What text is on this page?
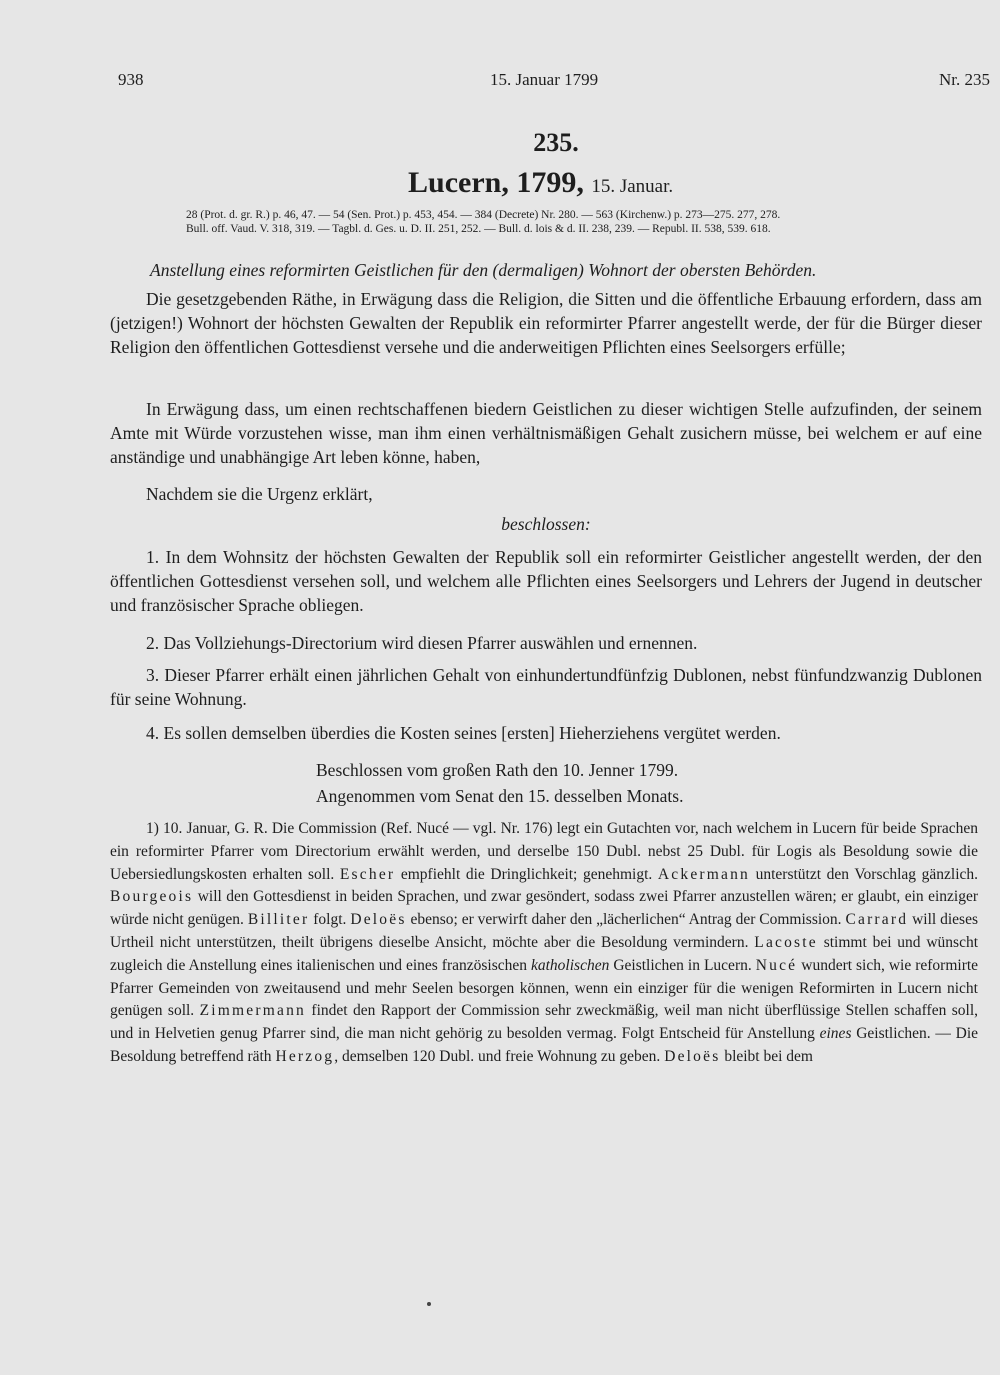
938	15. Januar 1799	Nr. 235
235.
Lucern, 1799, 15. Januar.

28 (Prot. d. gr. R.) p. 46, 47. — 54 (Sen. Prot.) p. 453, 454. — 384 (Decrete) Nr. 280. — 563 (Kirchenw.) p. 273—275. 277, 278.

Bull. off. Vaud. V. 318, 319. — Tagbl. d. Ges. u. D. II. 251, 252. — Bull. d. lois & d. II. 238, 239. — Republ. II. 538, 539. 618.

Anstellung eines reformirten Geistlichen für den (dermaligen) Wohnort der obersten Behörden.

Die gesetzgebenden Räthe, in Erwägung dass die Religion, die Sitten und die öffentliche Erbauung erfordern, dass am (jetzigen!) Wohnort der höchsten Gewalten der Republik ein reformirter Pfarrer angestellt werde, der für die Bürger dieser Religion den öffentlichen Gottesdienst versehe und die anderweitigen Pflichten eines Seelsorgers erfülle;

In Erwägung dass, um einen rechtschaffenen biedern Geistlichen zu dieser wichtigen Stelle aufzufinden, der seinem Amte mit Würde vorzustehen wisse, man ihm einen verhältnismäßigen Gehalt zusichern müsse, bei welchem er auf eine anständige und unabhängige Art leben könne, haben,

Nachdem sie die Urgenz erklärt,

beschlossen:

1. In dem Wohnsitz der höchsten Gewalten der Republik soll ein reformirter Geistlicher angestellt werden, der den öffentlichen Gottesdienst versehen soll, und welchem alle Pflichten eines Seelsorgers und Lehrers der Jugend in deutscher und französischer Sprache obliegen.

2. Das Vollziehungs-Directorium wird diesen Pfarrer auswählen und ernennen.

3. Dieser Pfarrer erhält einen jährlichen Gehalt von einhundertundfünfzig Dublonen, nebst fünfundzwanzig Dublonen für seine Wohnung.

4. Es sollen demselben überdies die Kosten seines [ersten] Hieherziehens vergütet werden.

Beschlossen vom großen Rath den 10. Jenner 1799.
Angenommen vom Senat den 15. desselben Monats.

1) 10. Januar, G. R. Die Commission (Ref. Nucé — vgl. Nr. 176) legt ein Gutachten vor, nach welchem in Lucern für beide Sprachen ein reformirter Pfarrer vom Directorium erwählt werden, und derselbe 150 Dubl. nebst 25 Dubl. für Logis als Besoldung sowie die Uebersiedlungskosten erhalten soll. Escher empfiehlt die Dringlichkeit; genehmigt. Ackermann unterstützt den Vorschlag gänzlich. Bourgeois will den Gottesdienst in beiden Sprachen, und zwar gesöndert, sodass zwei Pfarrer anzustellen wären; er glaubt, ein einziger würde nicht genügen. Billiter folgt. Deloës ebenso; er verwirft daher den „lächerlichen“ Antrag der Commission. Carrard will dieses Urtheil nicht unterstützen, theilt übrigens dieselbe Ansicht, möchte aber die Besoldung vermindern. Lacoste stimmt bei und wünscht zugleich die Anstellung eines italienischen und eines französischen katholischen Geistlichen in Lucern. Nucé wundert sich, wie reformirte Pfarrer Gemeinden von zweitausend und mehr Seelen besorgen können, wenn ein einziger für die wenigen Reformirten in Lucern nicht genügen soll. Zimmermann findet den Rapport der Commission sehr zweckmäßig, weil man nicht überflüssige Stellen schaffen soll, und in Helvetien genug Pfarrer sind, die man nicht gehörig zu besolden vermag. Folgt Entscheid für Anstellung eines Geistlichen. — Die Besoldung betreffend räth Herzog, demselben 120 Dubl. und freie Wohnung zu geben. Deloës bleibt bei dem
